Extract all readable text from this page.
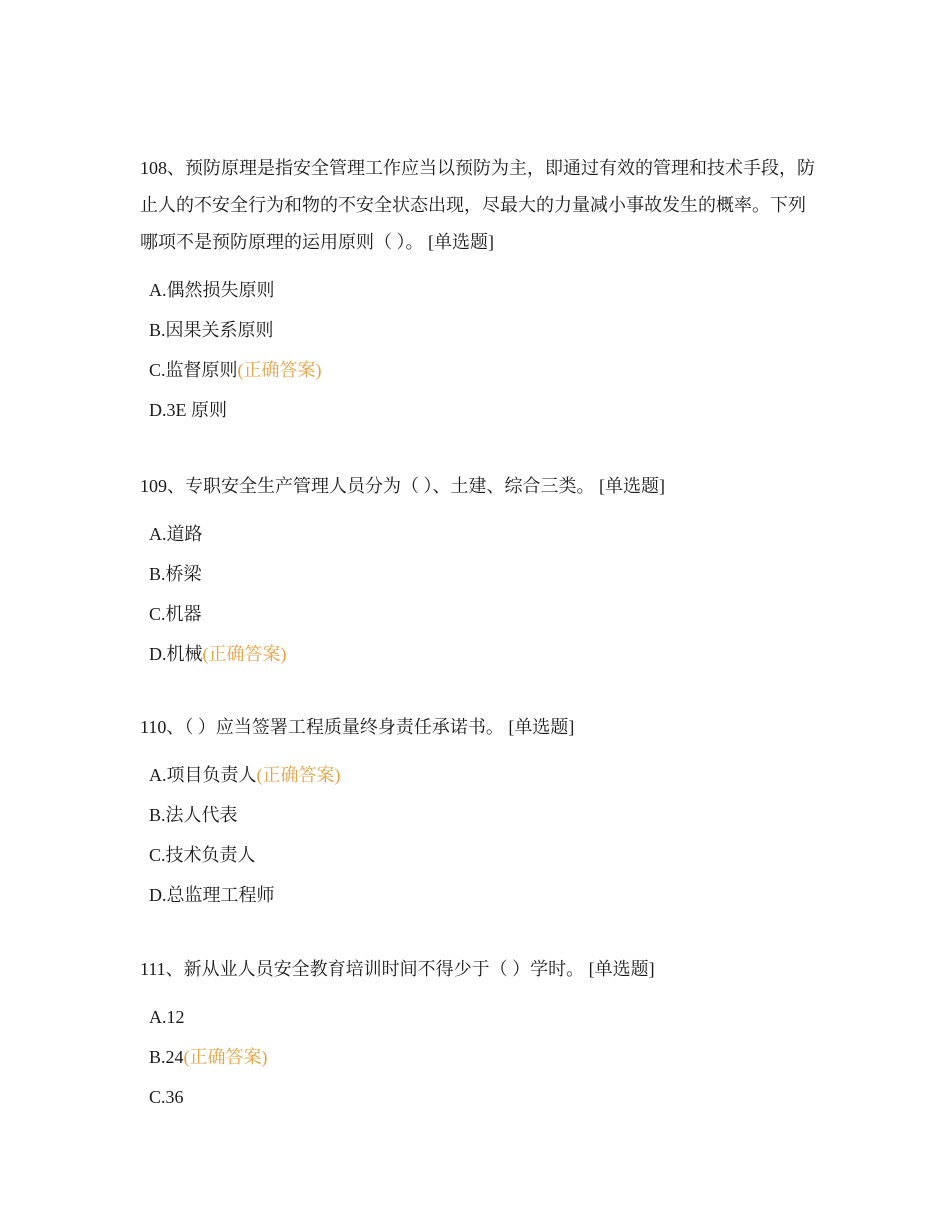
108、预防原理是指安全管理工作应当以预防为主，即通过有效的管理和技术手段，防止人的不安全行为和物的不安全状态出现，尽最大的力量减小事故发生的概率。下列哪项不是预防原理的运用原则（ ）。 [单选题]

A.偶然损失原则
B.因果关系原则
C.监督原则(正确答案)
D.3E 原则

109、专职安全生产管理人员分为（ ）、土建、综合三类。 [单选题]

A.道路
B.桥梁
C.机器
D.机械(正确答案)

110、（ ）应当签署工程质量终身责任承诺书。 [单选题]

A.项目负责人(正确答案)
B.法人代表
C.技术负责人
D.总监理工程师

111、新从业人员安全教育培训时间不得少于（ ）学时。 [单选题]

A.12
B.24(正确答案)
C.36
